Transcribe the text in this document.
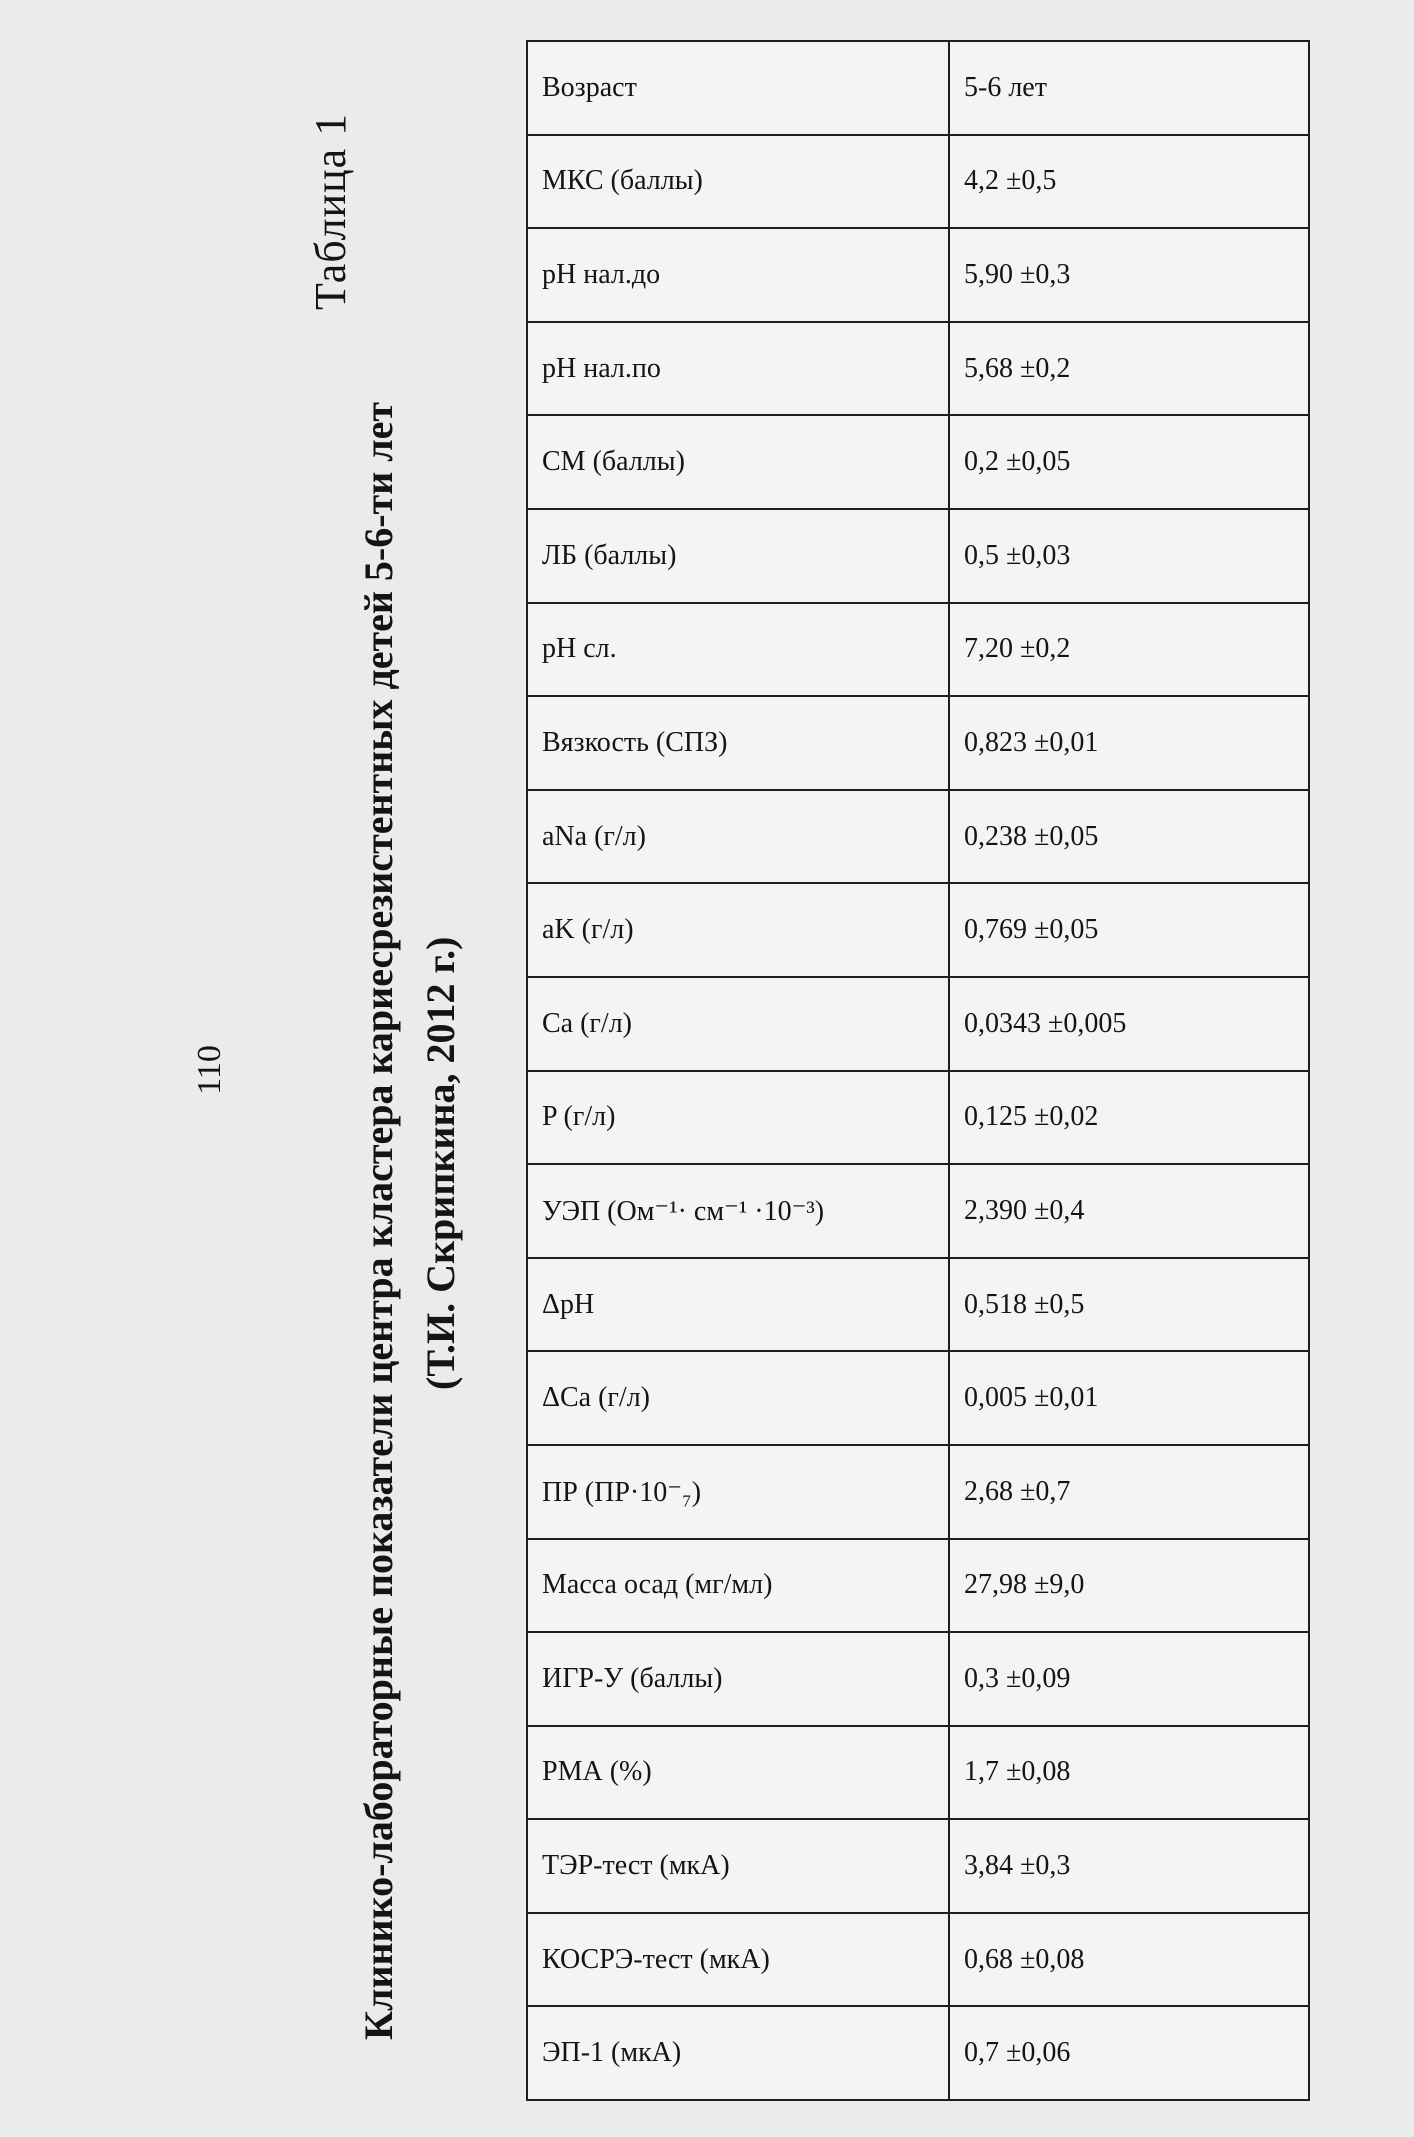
110
Таблица 1
Клинико-лабораторные показатели центра кластера кариесрезистентных детей 5-6-ти лет (Т.И. Скрипкина, 2012 г.)
Возраст	5-6 лет
МКС (баллы)	4,2 ±0,5
pH нал.до	5,90 ±0,3
pH нал.по	5,68 ±0,2
СМ (баллы)	0,2 ±0,05
ЛБ (баллы)	0,5 ±0,03
pH сл.	7,20 ±0,2
Вязкость (СПЗ)	0,823 ±0,01
aNa (г/л)	0,238 ±0,05
aK (г/л)	0,769 ±0,05
Ca (г/л)	0,0343 ±0,005
P (г/л)	0,125 ±0,02
УЭП (Ом⁻¹· см⁻¹ ·10⁻³)	2,390 ±0,4
ΔpH	0,518 ±0,5
ΔCa (г/л)	0,005 ±0,01
ПР (ПР·10⁻₇)	2,68 ±0,7
Масса осад (мг/мл)	27,98 ±9,0
ИГР-У (баллы)	0,3 ±0,09
РМА (%)	1,7 ±0,08
ТЭР-тест (мкА)	3,84 ±0,3
КОСРЭ-тест (мкА)	0,68 ±0,08
ЭП-1 (мкА)	0,7 ±0,06
